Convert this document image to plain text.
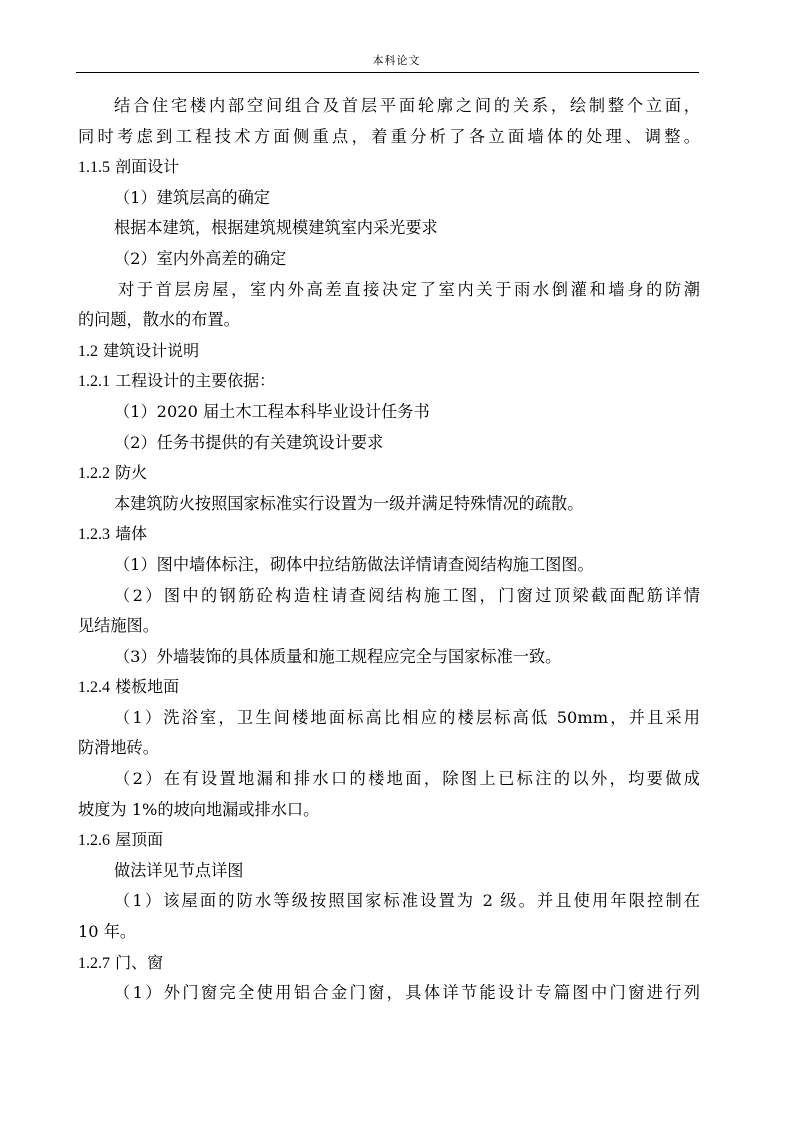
本科论文
结合住宅楼内部空间组合及首层平面轮廓之间的关系，绘制整个立面，
同时考虑到工程技术方面侧重点，着重分析了各立面墙体的处理、调整。
1.1.5 剖面设计
（1）建筑层高的确定
根据本建筑，根据建筑规模建筑室内采光要求
（2）室内外高差的确定
对于首层房屋，室内外高差直接决定了室内关于雨水倒灌和墙身的防潮
的问题，散水的布置。
1.2 建筑设计说明
1.2.1 工程设计的主要依据：
（1）2020 届土木工程本科毕业设计任务书
（2）任务书提供的有关建筑设计要求
1.2.2 防火
本建筑防火按照国家标准实行设置为一级并满足特殊情况的疏散。
1.2.3 墙体
（1）图中墙体标注，砌体中拉结筋做法详情请查阅结构施工图图。
（2）图中的钢筋砼构造柱请查阅结构施工图，门窗过顶梁截面配筋详情
见结施图。
（3）外墙装饰的具体质量和施工规程应完全与国家标准一致。
1.2.4 楼板地面
（1）洗浴室，卫生间楼地面标高比相应的楼层标高低 50mm，并且采用
防滑地砖。
（2）在有设置地漏和排水口的楼地面，除图上已标注的以外，均要做成
坡度为 1%的坡向地漏或排水口。
1.2.6 屋顶面
做法详见节点详图
（1）该屋面的防水等级按照国家标准设置为 2 级。并且使用年限控制在
10 年。
1.2.7 门、窗
（1）外门窗完全使用铝合金门窗，具体详节能设计专篇图中门窗进行列
